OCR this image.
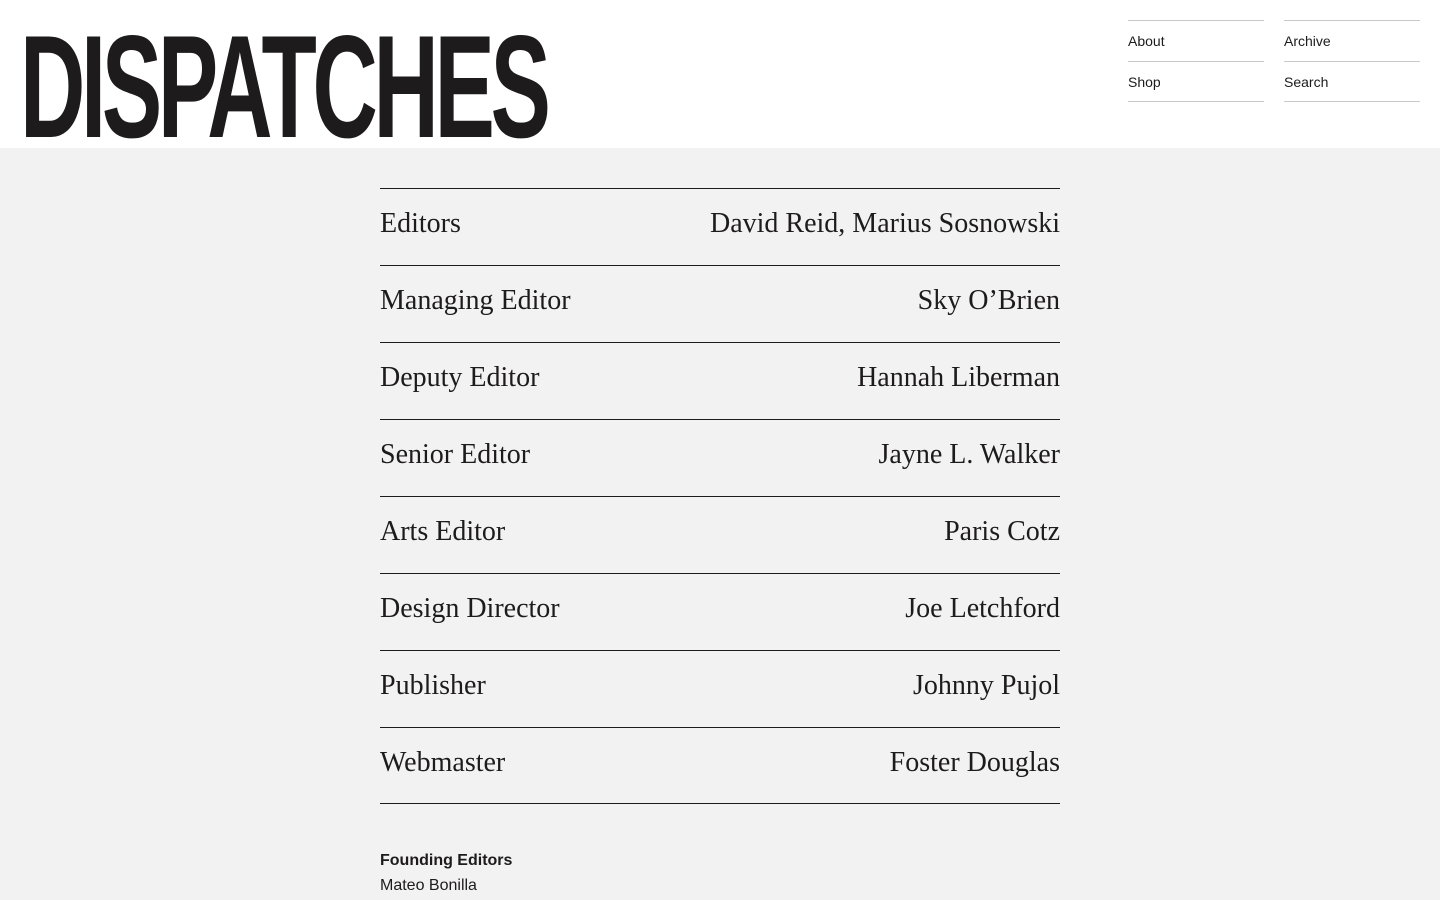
DISPATCHES	About
Shop
Archive
Search
Editors	David Reid, Marius Sosnowski
Managing Editor	Sky O’Brien
Deputy Editor	Hannah Liberman
Senior Editor	Jayne L. Walker
Arts Editor	Paris Cotz
Design Director	Joe Letchford
Publisher	Johnny Pujol
Webmaster	Foster Douglas
Founding Editors
Mateo Bonilla
